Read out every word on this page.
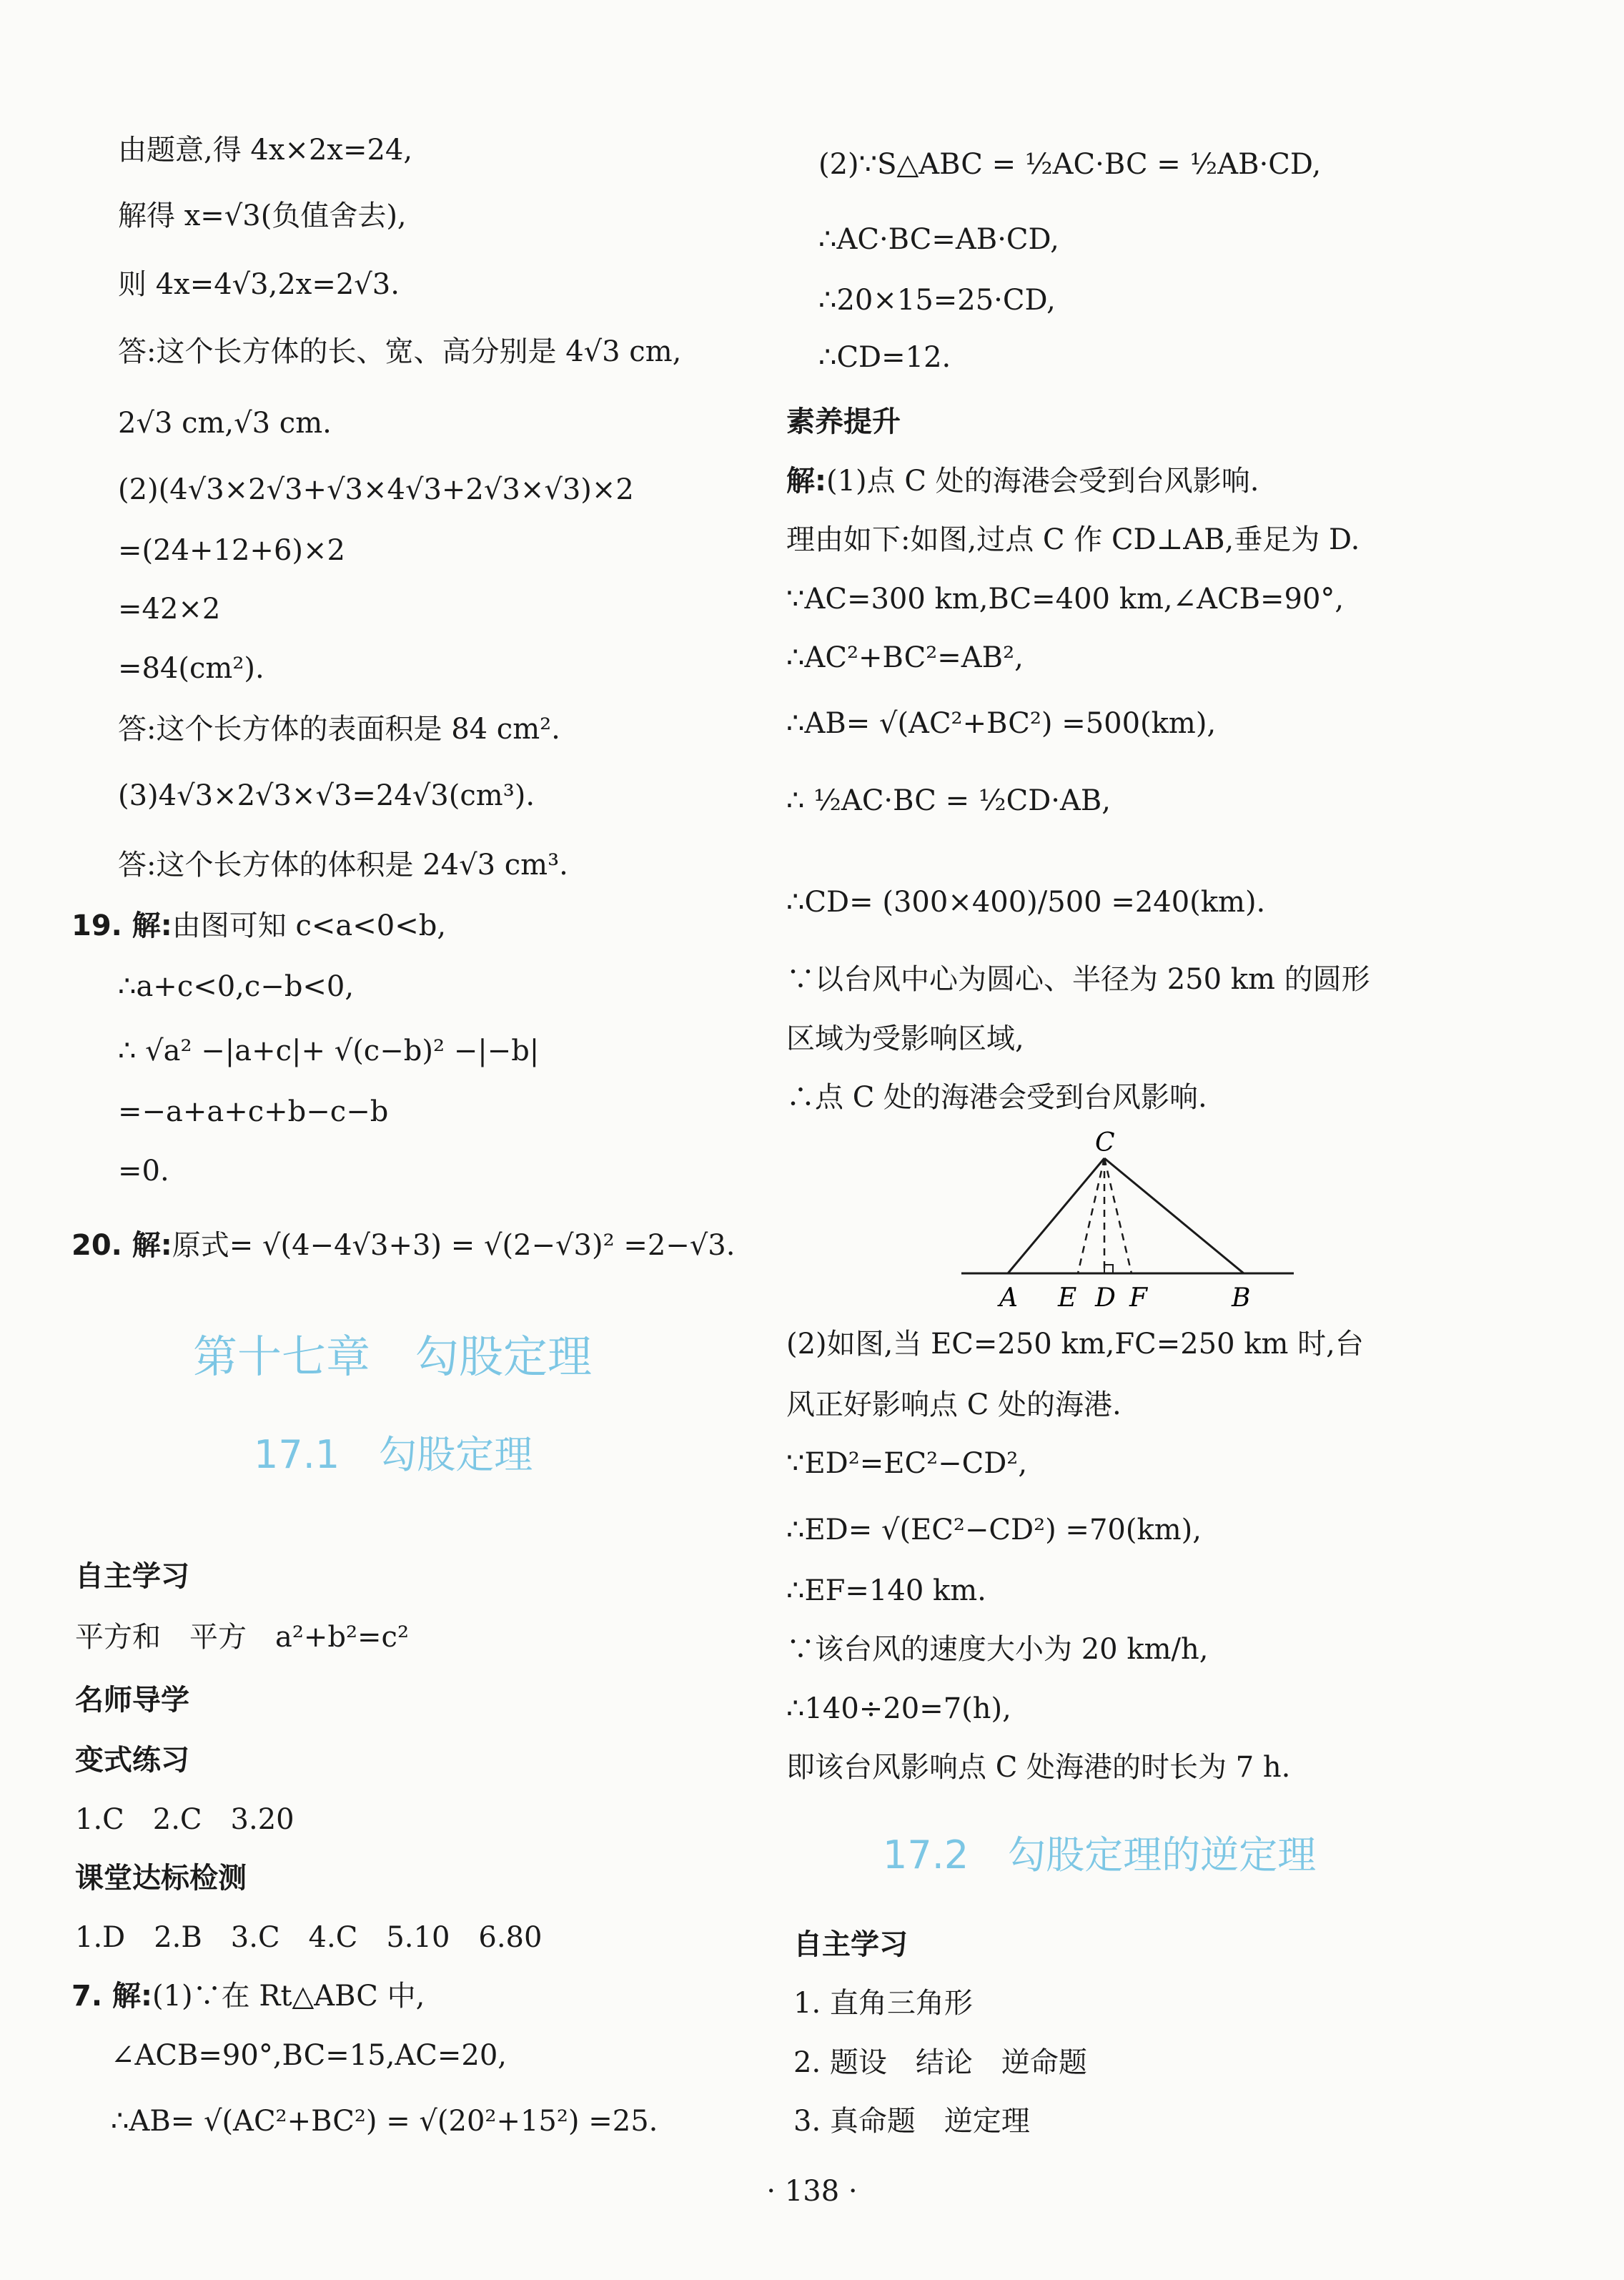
由题意,得 4x×2x=24,
解得 x=√3(负值舍去),
则 4x=4√3,2x=2√3.
答:这个长方体的长、宽、高分别是 4√3 cm,
2√3 cm,√3 cm.
(2)(4√3×2√3+√3×4√3+2√3×√3)×2
=(24+12+6)×2
=42×2
=84(cm²).
答:这个长方体的表面积是 84 cm².
(3)4√3×2√3×√3=24√3(cm³).
答:这个长方体的体积是 24√3 cm³.
19. 解:由图可知 c<a<0<b,
∴a+c<0,c−b<0,
∴ √a² −|a+c|+ √(c−b)² −|−b|
=−a+a+c+b−c−b
=0.
20. 解:原式= √(4−4√3+3) = √(2−√3)² =2−√3.
第十七章　勾股定理
17.1　勾股定理
自主学习
平方和　平方　a²+b²=c²
名师导学
变式练习
1.C　2.C　3.20
课堂达标检测
1.D　2.B　3.C　4.C　5.10　6.80
7. 解:(1)∵在 Rt△ABC 中,
∠ACB=90°,BC=15,AC=20,
∴AB= √(AC²+BC²) = √(20²+15²) =25.
(2)∵S△ABC = ½AC·BC = ½AB·CD,
∴AC·BC=AB·CD,
∴20×15=25·CD,
∴CD=12.
素养提升
解:(1)点 C 处的海港会受到台风影响.
理由如下:如图,过点 C 作 CD⊥AB,垂足为 D.
∵AC=300 km,BC=400 km,∠ACB=90°,
∴AC²+BC²=AB²,
∴AB= √(AC²+BC²) =500(km),
∴ ½AC·BC = ½CD·AB,
∴CD= (300×400)/500 =240(km).
∵以台风中心为圆心、半径为 250 km 的圆形
区域为受影响区域,
∴点 C 处的海港会受到台风影响.
(2)如图,当 EC=250 km,FC=250 km 时,台
风正好影响点 C 处的海港.
∵ED²=EC²−CD²,
∴ED= √(EC²−CD²) =70(km),
∴EF=140 km.
∵该台风的速度大小为 20 km/h,
∴140÷20=7(h),
即该台风影响点 C 处海港的时长为 7 h.
17.2　勾股定理的逆定理
自主学习
1. 直角三角形
2. 题设　结论　逆命题
3. 真命题　逆定理
C
A E D F	B
· 138 ·
